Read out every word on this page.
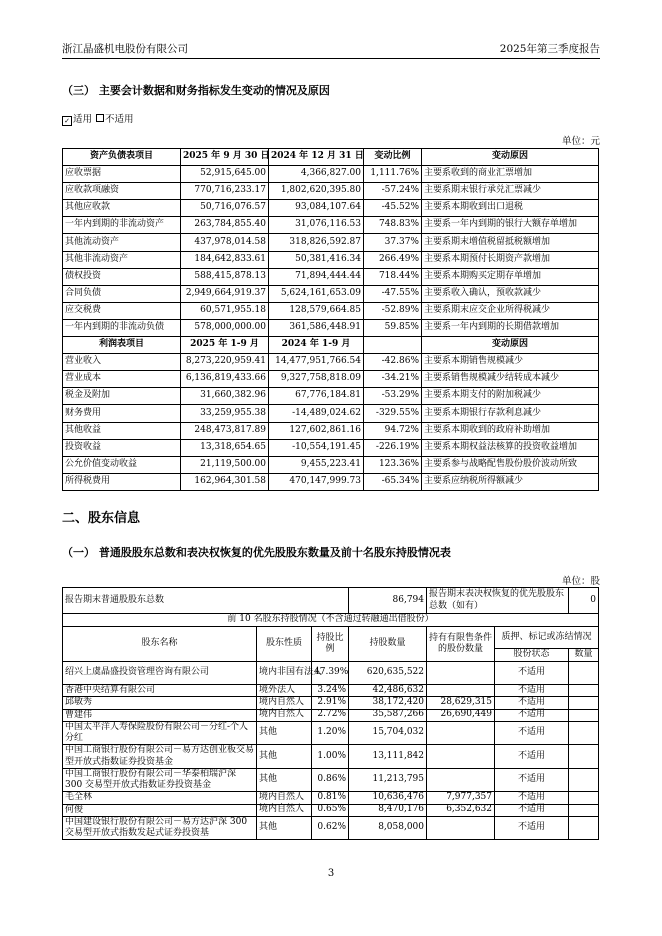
浙江晶盛机电股份有限公司	2025年第三季度报告
（三） 主要会计数据和财务指标发生变动的情况及原因
✓ 适用 不适用
单位：元
资产负债表项目	2025 年 9 月 30 日	2024 年 12 月 31 日	变动比例	变动原因
应收票据	52,915,645.00	4,366,827.00	1,111.76%	主要系收到的商业汇票增加
应收款项融资	770,716,233.17	1,802,620,395.80	-57.24%	主要系期末银行承兑汇票减少
其他应收款	50,716,076.57	93,084,107.64	-45.52%	主要系本期收到出口退税
一年内到期的非流动资产	263,784,855.40	31,076,116.53	748.83%	主要系一年内到期的银行大额存单增加
其他流动资产	437,978,014.58	318,826,592.87	37.37%	主要系期末增值税留抵税额增加
其他非流动资产	184,642,833.61	50,381,416.34	266.49%	主要系本期预付长期资产款增加
债权投资	588,415,878.13	71,894,444.44	718.44%	主要系本期购买定期存单增加
合同负债	2,949,664,919.37	5,624,161,653.09	-47.55%	主要系收入确认，预收款减少
应交税费	60,571,955.18	128,579,664.85	-52.89%	主要系期末应交企业所得税减少
一年内到期的非流动负债	578,000,000.00	361,586,448.91	59.85%	主要系一年内到期的长期借款增加
利润表项目	2025 年 1-9 月	2024 年 1-9 月		变动原因
营业收入	8,273,220,959.41	14,477,951,766.54	-42.86%	主要系本期销售规模减少
营业成本	6,136,819,433.66	9,327,758,818.09	-34.21%	主要系销售规模减少结转成本减少
税金及附加	31,660,382.96	67,776,184.81	-53.29%	主要系本期支付的附加税减少
财务费用	33,259,955.38	-14,489,024.62	-329.55%	主要系本期银行存款利息减少
其他收益	248,473,817.89	127,602,861.16	94.72%	主要系本期收到的政府补助增加
投资收益	13,318,654.65	-10,554,191.45	-226.19%	主要系本期权益法核算的投资收益增加
公允价值变动收益	21,119,500.00	9,455,223.41	123.36%	主要系参与战略配售股份股价波动所致
所得税费用	162,964,301.58	470,147,999.73	-65.34%	主要系应纳税所得额减少
二、股东信息
（一） 普通股股东总数和表决权恢复的优先股股东数量及前十名股东持股情况表
单位：股
报告期末普通股股东总数			86,794	报告期末表决权恢复的优先股股东总数（如有）		0
前 10 名股东持股情况（不含通过转融通出借股份）						
股东名称	股东性质	持股比例	持股数量	持有有限售条件的股份数量	质押、标记或冻结情况	
					股份状态	数量
绍兴上虞晶盛投资管理咨询有限公司	境内非国有法人	47.39%	620,635,522		不适用	
香港中央结算有限公司	境外法人	3.24%	42,486,632		不适用	
邱敏秀	境内自然人	2.91%	38,172,420	28,629,315	不适用	
曹建伟	境内自然人	2.72%	35,587,266	26,690,449	不适用	
中国太平洋人寿保险股份有限公司－分红-个人分红	其他	1.20%	15,704,032		不适用	
中国工商银行股份有限公司－易方达创业板交易型开放式指数证券投资基金	其他	1.00%	13,111,842		不适用	
中国工商银行股份有限公司－华泰柏瑞沪深 300 交易型开放式指数证券投资基金	其他	0.86%	11,213,795		不适用	
毛全林	境内自然人	0.81%	10,636,476	7,977,357	不适用	
何俊	境内自然人	0.65%	8,470,176	6,352,632	不适用	
中国建设银行股份有限公司－易方达沪深 300 交易型开放式指数发起式证券投资基	其他	0.62%	8,058,000		不适用	
3
